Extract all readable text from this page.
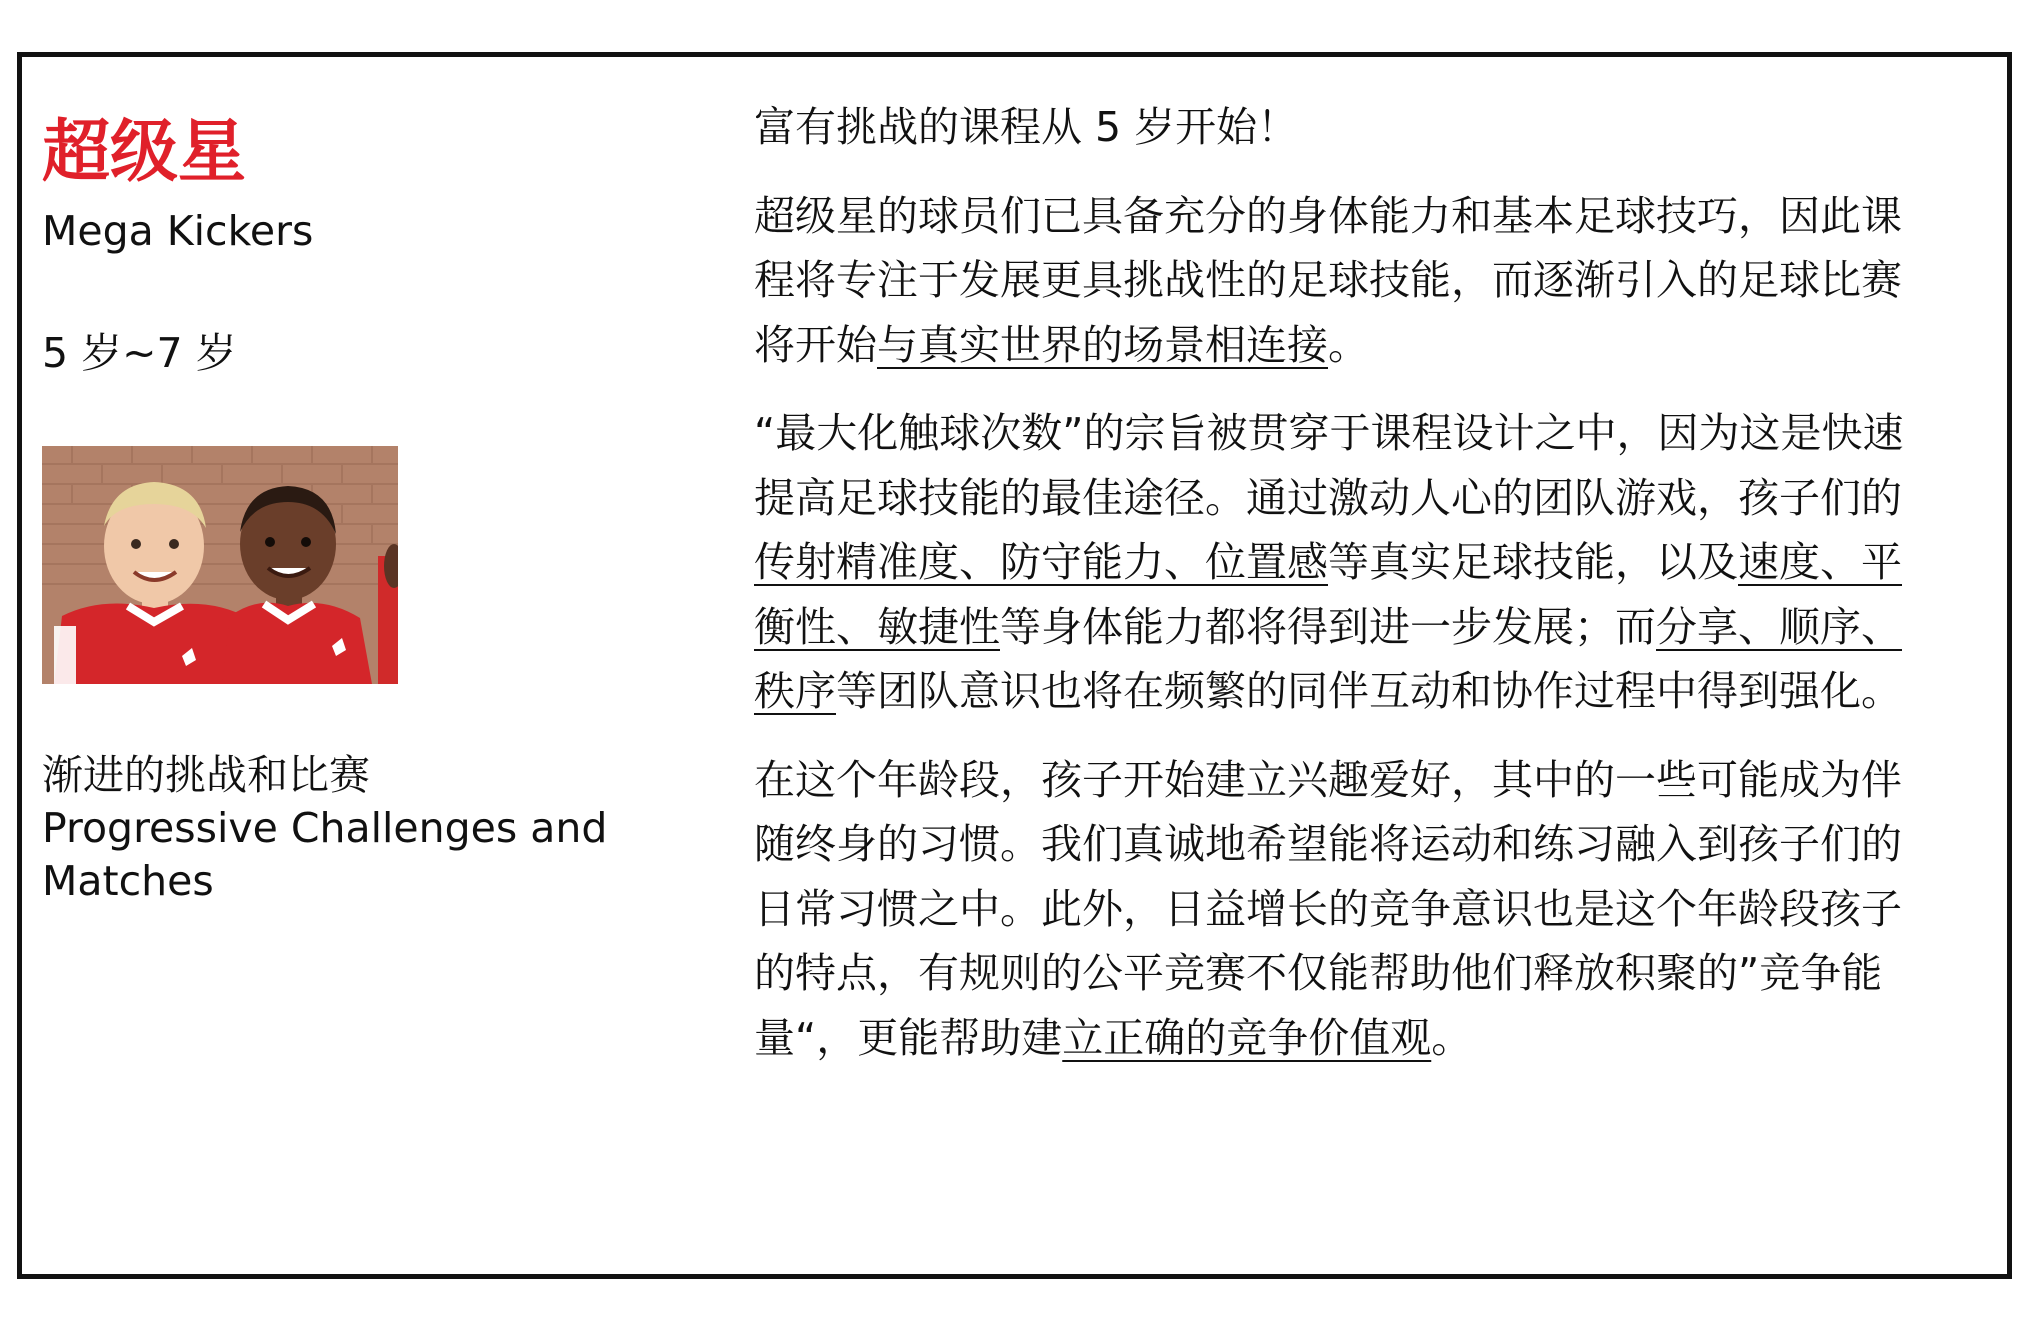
超级星

Mega Kickers

5 岁~7 岁

渐进的挑战和比赛
Progressive Challenges and Matches

富有挑战的课程从 5 岁开始！

超级星的球员们已具备充分的身体能力和基本足球技巧，因此课程将专注于发展更具挑战性的足球技能，而逐渐引入的足球比赛将开始与真实世界的场景相连接。

“最大化触球次数”的宗旨被贯穿于课程设计之中，因为这是快速提高足球技能的最佳途径。通过激动人心的团队游戏，孩子们的传射精准度、防守能力、位置感等真实足球技能，以及速度、平衡性、敏捷性等身体能力都将得到进一步发展；而分享、顺序、秩序等团队意识也将在频繁的同伴互动和协作过程中得到强化。

在这个年龄段，孩子开始建立兴趣爱好，其中的一些可能成为伴随终身的习惯。我们真诚地希望能将运动和练习融入到孩子们的日常习惯之中。此外，日益增长的竞争意识也是这个年龄段孩子的特点，有规则的公平竞赛不仅能帮助他们释放积聚的”竞争能量“，更能帮助建立正确的竞争价值观。
